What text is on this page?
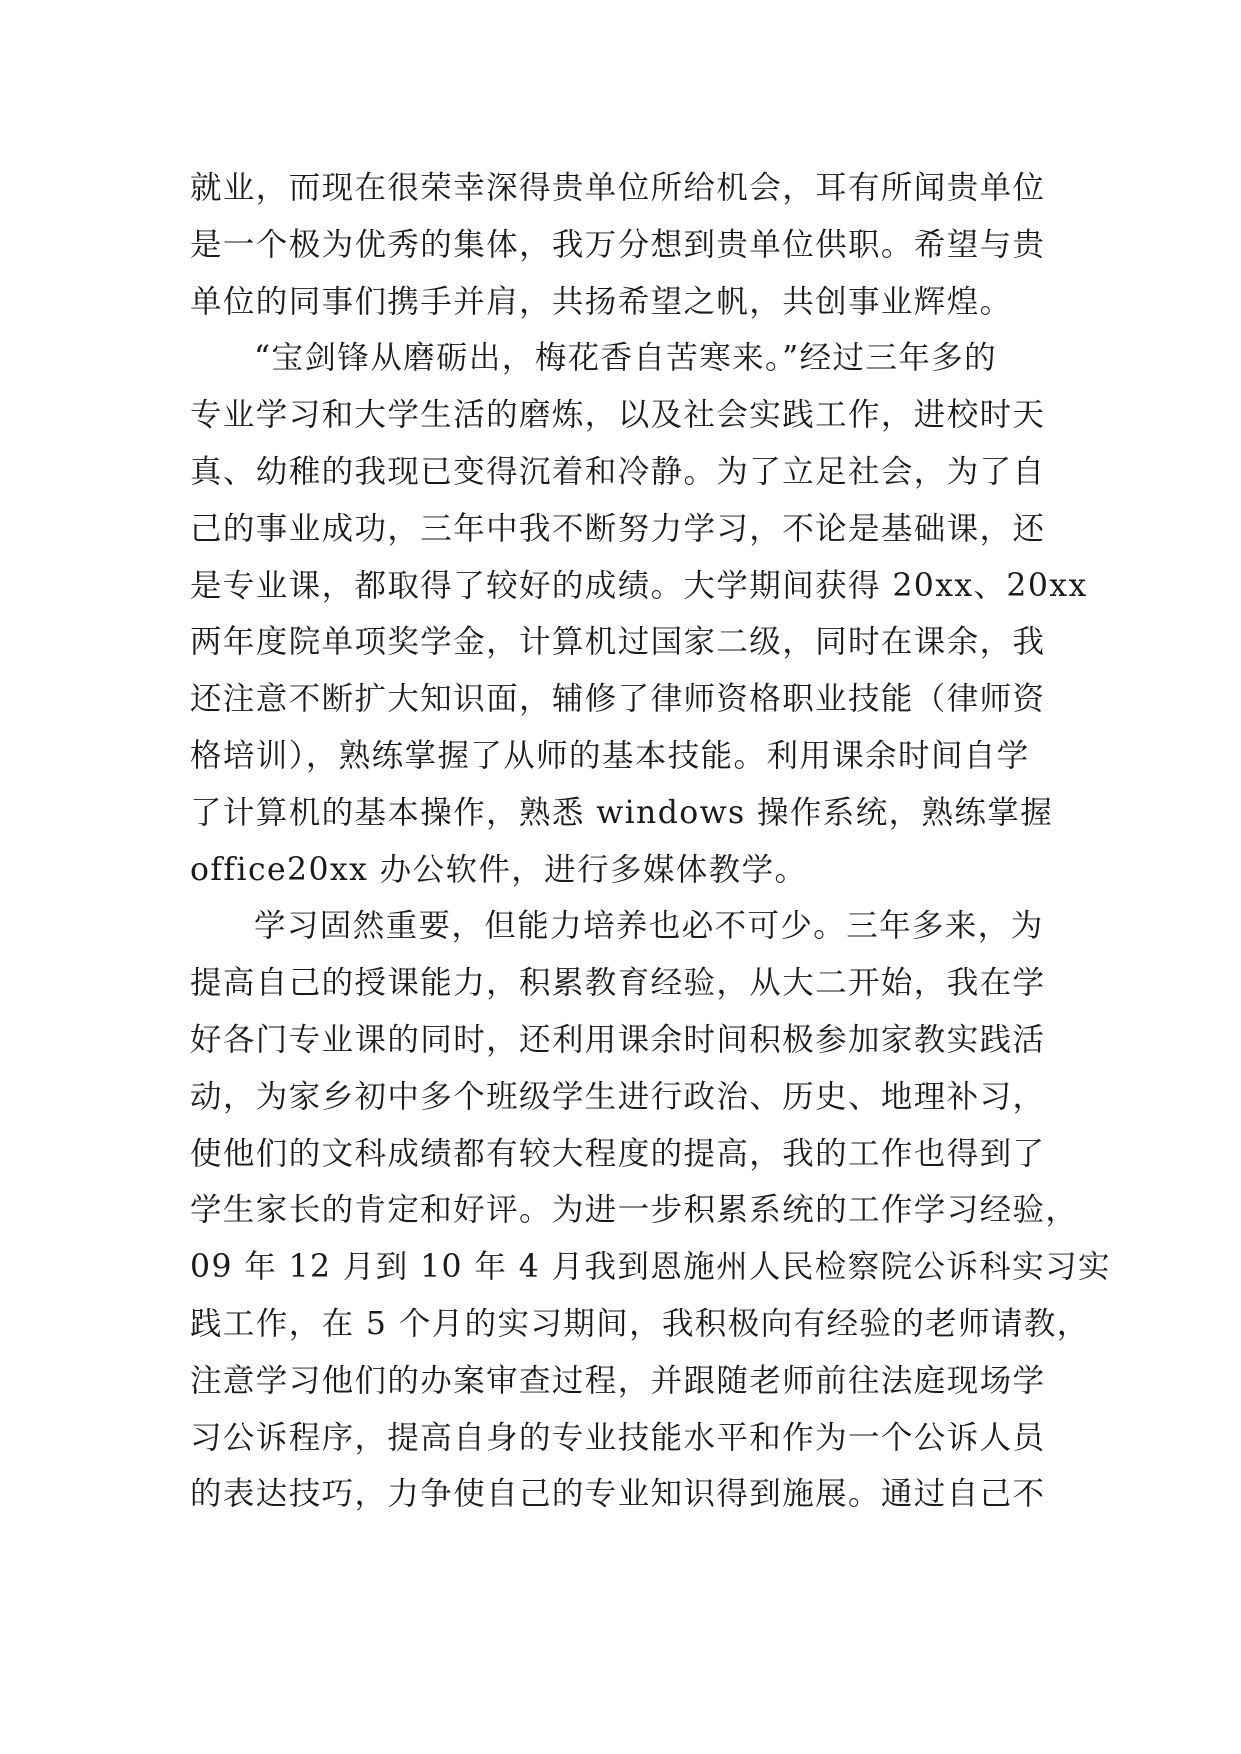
就业，而现在很荣幸深得贵单位所给机会，耳有所闻贵单位
是一个极为优秀的集体，我万分想到贵单位供职。希望与贵
单位的同事们携手并肩，共扬希望之帆，共创事业辉煌。
“宝剑锋从磨砺出，梅花香自苦寒来。”经过三年多的
专业学习和大学生活的磨炼，以及社会实践工作，进校时天
真、幼稚的我现已变得沉着和冷静。为了立足社会，为了自
己的事业成功，三年中我不断努力学习，不论是基础课，还
是专业课，都取得了较好的成绩。大学期间获得 20xx、20xx
两年度院单项奖学金，计算机过国家二级，同时在课余，我
还注意不断扩大知识面，辅修了律师资格职业技能（律师资
格培训），熟练掌握了从师的基本技能。利用课余时间自学
了计算机的基本操作，熟悉 windows 操作系统，熟练掌握
office20xx 办公软件，进行多媒体教学。
学习固然重要，但能力培养也必不可少。三年多来，为
提高自己的授课能力，积累教育经验，从大二开始，我在学
好各门专业课的同时，还利用课余时间积极参加家教实践活
动，为家乡初中多个班级学生进行政治、历史、地理补习，
使他们的文科成绩都有较大程度的提高，我的工作也得到了
学生家长的肯定和好评。为进一步积累系统的工作学习经验，
09 年 12 月到 10 年 4 月我到恩施州人民检察院公诉科实习实
践工作，在 5 个月的实习期间，我积极向有经验的老师请教，
注意学习他们的办案审查过程，并跟随老师前往法庭现场学
习公诉程序，提高自身的专业技能水平和作为一个公诉人员
的表达技巧，力争使自己的专业知识得到施展。通过自己不
